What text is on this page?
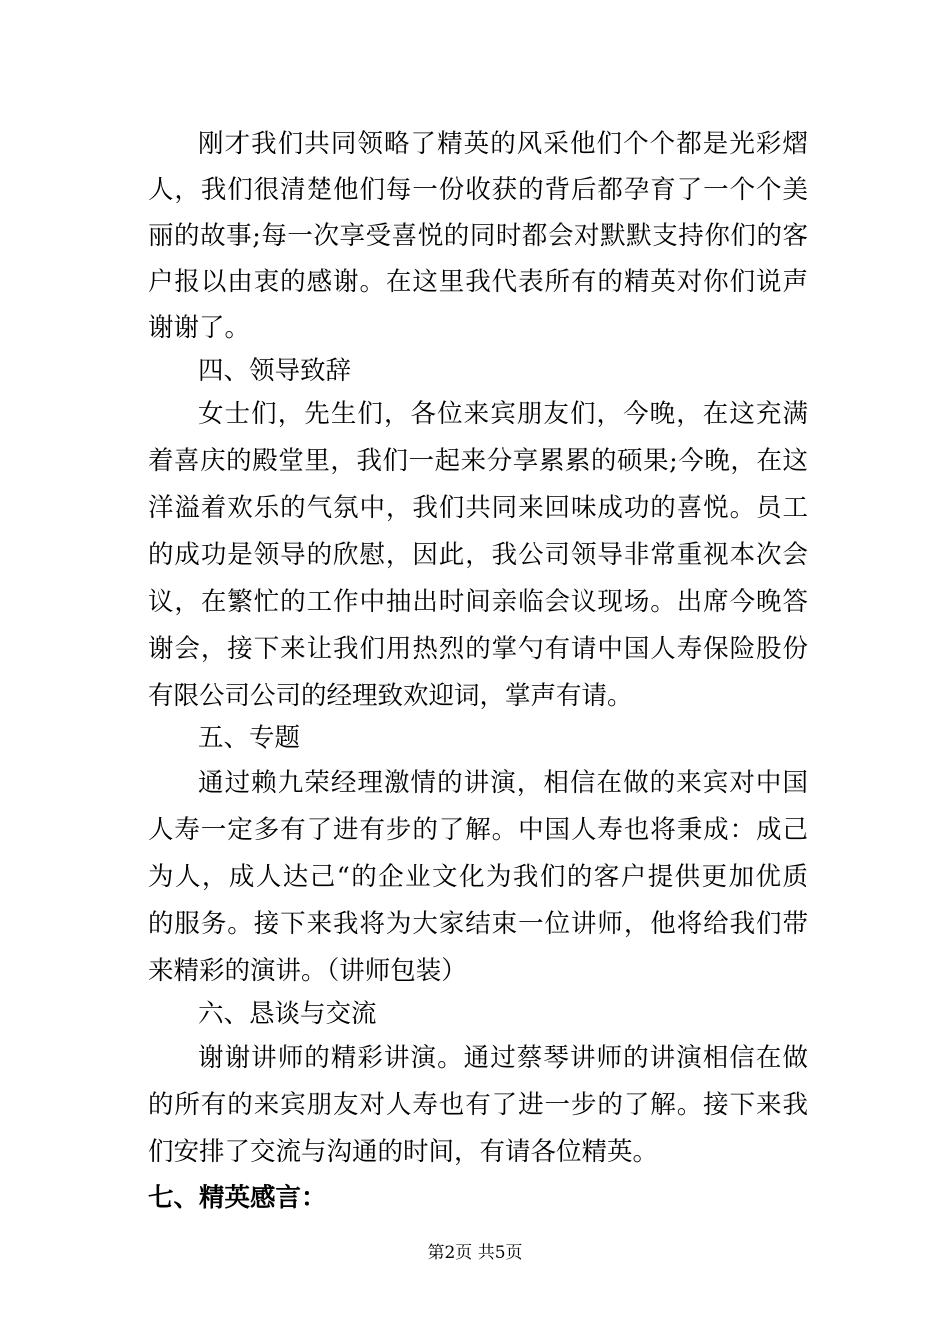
刚才我们共同领略了精英的风采他们个个都是光彩熠
人，我们很清楚他们每一份收获的背后都孕育了一个个美
丽的故事;每一次享受喜悦的同时都会对默默支持你们的客
户报以由衷的感谢。在这里我代表所有的精英对你们说声
谢谢了。
四、领导致辞
女士们，先生们，各位来宾朋友们，今晚，在这充满
着喜庆的殿堂里，我们一起来分享累累的硕果;今晚，在这
洋溢着欢乐的气氛中，我们共同来回味成功的喜悦。员工
的成功是领导的欣慰，因此，我公司领导非常重视本次会
议，在繁忙的工作中抽出时间亲临会议现场。出席今晚答
谢会，接下来让我们用热烈的掌勺有请中国人寿保险股份
有限公司公司的经理致欢迎词，掌声有请。
五、专题
通过赖九荣经理激情的讲演，相信在做的来宾对中国
人寿一定多有了进有步的了解。中国人寿也将秉成：成己
为人，成人达己“的企业文化为我们的客户提供更加优质
的服务。接下来我将为大家结束一位讲师，他将给我们带
来精彩的演讲。（讲师包装）
六、恳谈与交流
谢谢讲师的精彩讲演。通过蔡琴讲师的讲演相信在做
的所有的来宾朋友对人寿也有了进一步的了解。接下来我
们安排了交流与沟通的时间，有请各位精英。
七、精英感言：
第2页 共5页
